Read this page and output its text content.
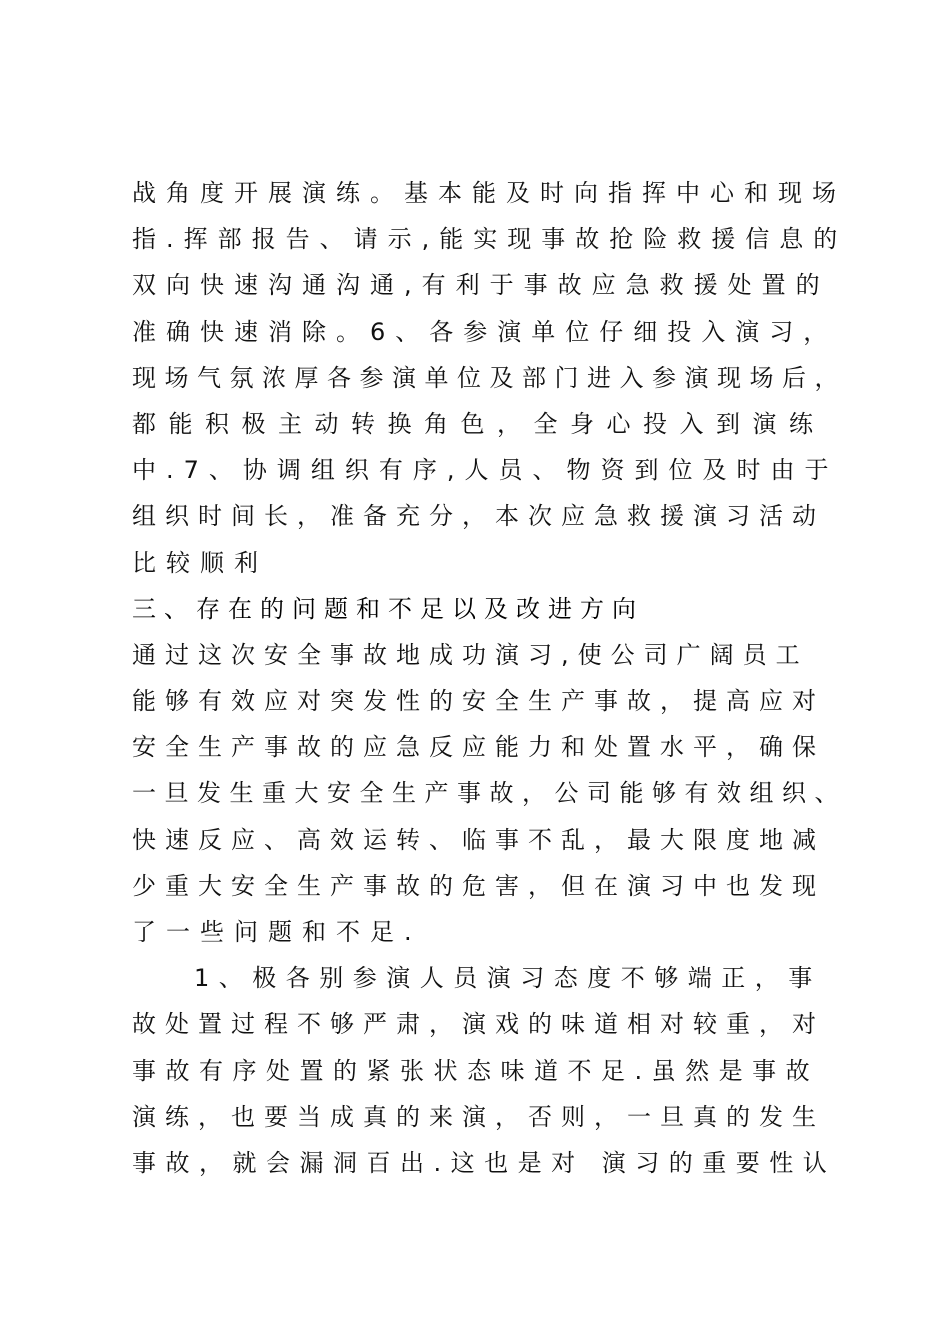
战角度开展演练。基本能及时向指挥中心和现场
指.挥部报告、请示,能实现事故抢险救援信息的
双向快速沟通沟通,有利于事故应急救援处置的
准确快速消除。6、各参演单位仔细投入演习，
现场气氛浓厚各参演单位及部门进入参演现场后，
都能积极主动转换角色，全身心投入到演练
中.7、协调组织有序,人员、物资到位及时由于
组织时间长，准备充分，本次应急救援演习活动
比较顺利
三、存在的问题和不足以及改进方向
通过这次安全事故地成功演习,使公司广阔员工
能够有效应对突发性的安全生产事故，提高应对
安全生产事故的应急反应能力和处置水平，确保
一旦发生重大安全生产事故，公司能够有效组织、
快速反应、高效运转、临事不乱，最大限度地减
少重大安全生产事故的危害，但在演习中也发现
了一些问题和不足.
1、极各别参演人员演习态度不够端正，事
故处置过程不够严肃，演戏的味道相对较重，对
事故有序处置的紧张状态味道不足.虽然是事故
演练，也要当成真的来演，否则，一旦真的发生
事故，就会漏洞百出.这也是对 演习的重要性认
